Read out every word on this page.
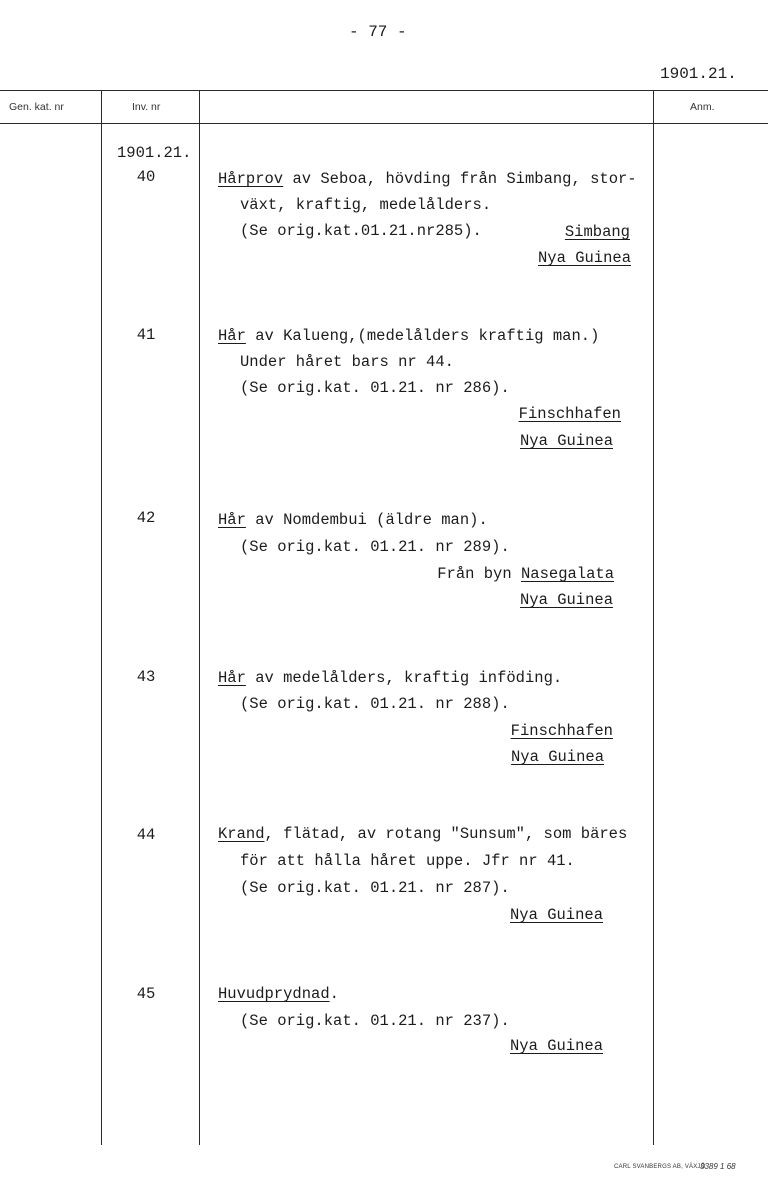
- 77 -
1901.21.
Gen. kat. nr	Inv. nr	Anm.
1901.21.
40	Hårprov av Seboa, hövding från Simbang, stor-
växt, kraftig, medelålders.
(Se orig.kat.01.21.nr285).	Simbang
Nya Guinea
41	Hår av Kalueng,(medelålders kraftig man.)
Under håret bars nr 44.
(Se orig.kat. 01.21. nr 286).
Finschhafen
Nya Guinea
42	Hår av Nomdembui (äldre man).
(Se orig.kat. 01.21. nr 289).
Från byn Nasegalata
Nya Guinea
43	Hår av medelålders, kraftig inföding.
(Se orig.kat. 01.21. nr 288).
Finschhafen
Nya Guinea
44	Krand, flätad, av rotang "Sunsum", som bäres
för att hålla håret uppe. Jfr nr 41.
(Se orig.kat. 01.21. nr 287).
Nya Guinea
45	Huvudprydnad.
(Se orig.kat. 01.21. nr 237).
Nya Guinea
CARL SVANBERGS AB, VÄXJÖ
3389 1 68
